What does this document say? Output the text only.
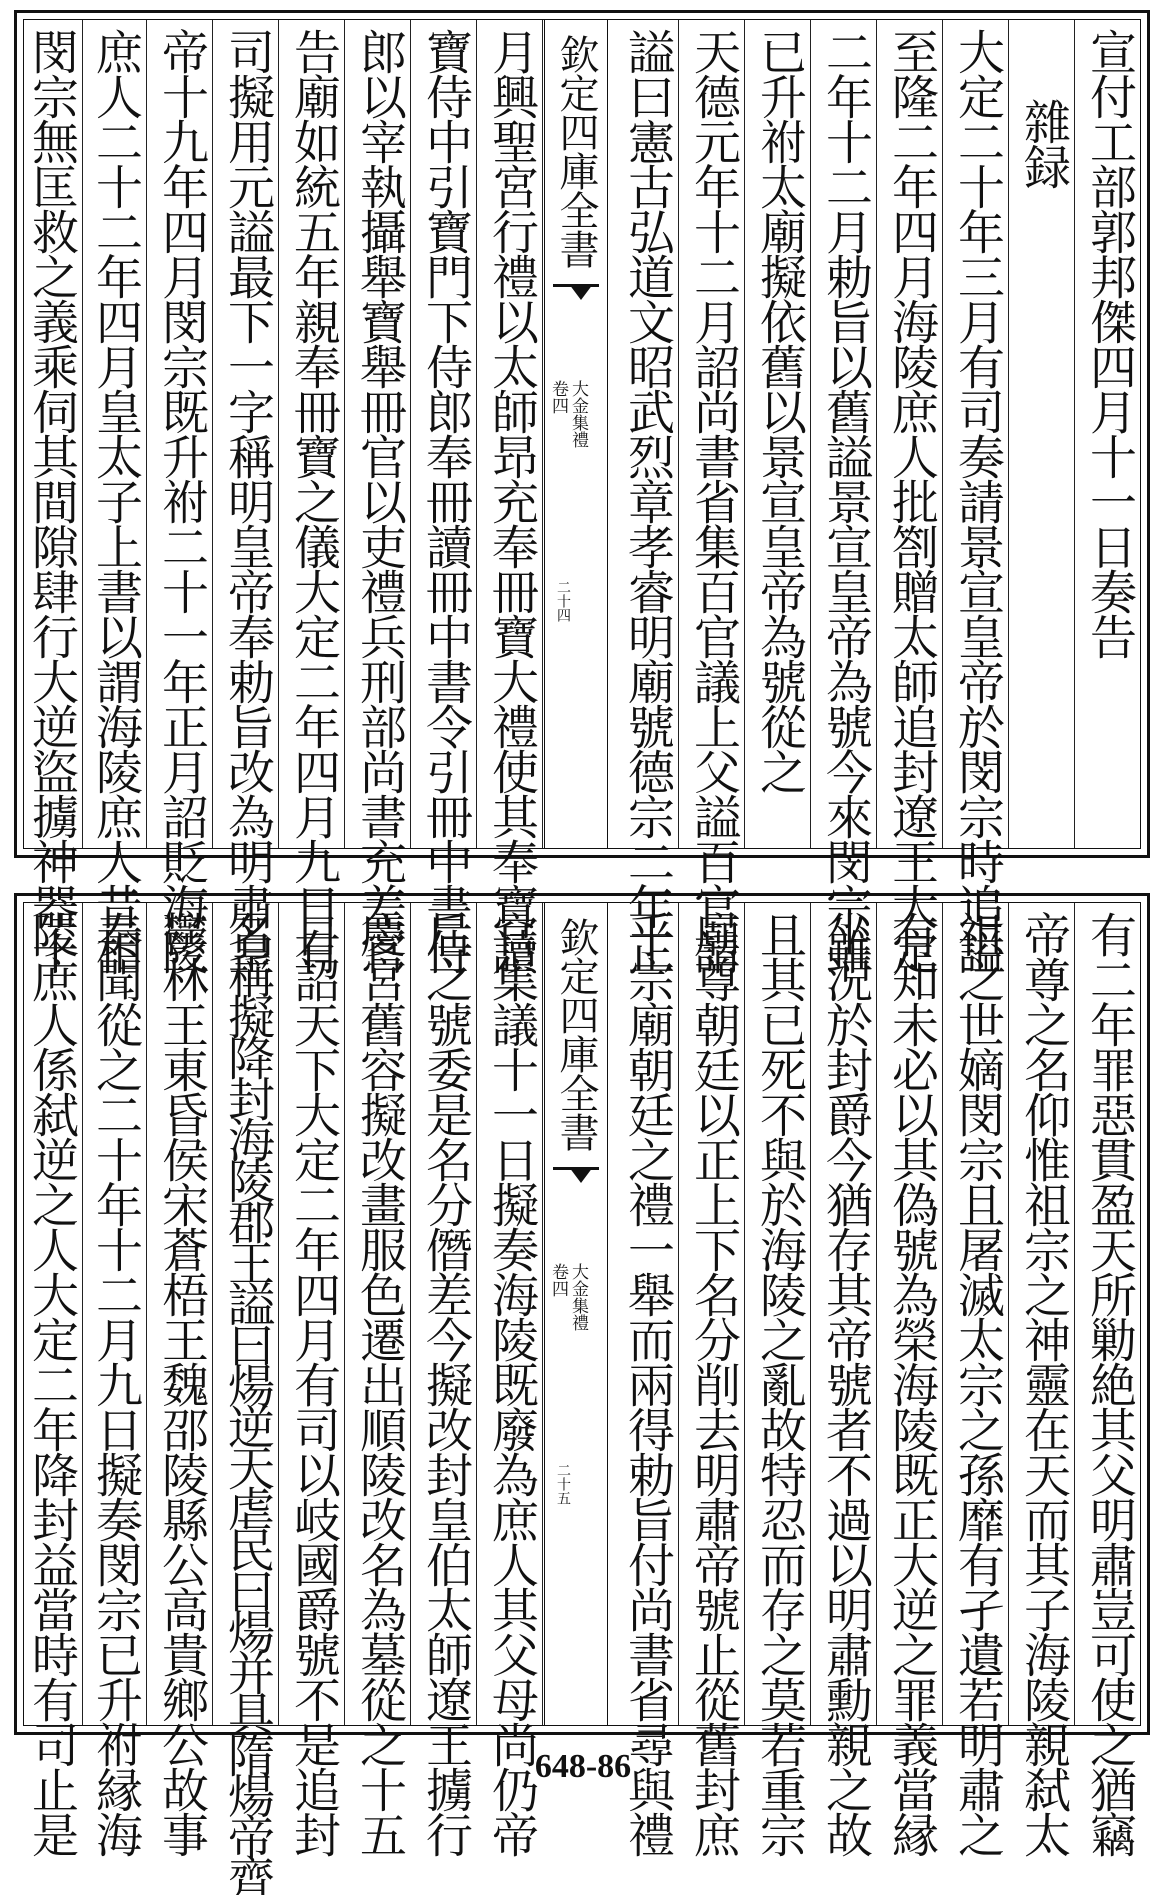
宣付工部郭邦傑四月十一日奏告
雜録
大定二十年三月有司奏請景宣皇帝於閔宗時追謚
至隆二年四月海陵庶人批劄贈太師追封遼王大定
二年十二月勅旨以舊謚景宣皇帝為號今來閔宗雖
已升祔太廟擬依舊以景宣皇帝為號從之
天德元年十二月詔尚書省集百官議上父謚百官請
謚曰憲古弘道文昭武烈章孝睿明廟號德宗二年正
欽定四庫全書
卷四 大金集禮
二十四
月興聖宮行禮以太師昻充奉冊寶大禮使其奉寶讀
寶侍中引寶門下侍郎奉冊讀冊中書令引冊中書侍
郎以宰執攝舉寶舉冊官以吏禮兵刑部尚書充差官
告廟如統五年親奉冊寶之儀大定二年四月九日有
司擬用元謚最下一字稱明皇帝奉勅旨改為明肅皇
帝十九年四月閔宗既升祔二十一年正月詔貶海陵
庶人二十二年四月皇太子上書以謂海陵庶人昔相
閔宗無匡救之義乘伺其間隙肆行大逆盜擄神器十
有二年罪惡貫盈天所勦絶其父明肅豈可使之猶竊
帝尊之名仰惟祖宗之神靈在天而其子海陵親弑太
祖之世嫡閔宗且屠滅太宗之孫靡有孑遺若明肅之
有知未必以其偽號為榮海陵既正大逆之罪義當縁
坐況於封爵今猶存其帝號者不過以明肅勳親之故
且其已死不與於海陵之亂故特忍而存之莫若重宗
廟尊朝廷以正上下名分削去明肅帝號止從舊封庶
乎宗廟朝廷之禮一舉而兩得勅旨付尚書省尋與禮
欽定四庫全書
卷四 大金集禮
二十五
官集議十一日擬奏海陵既廢為庶人其父母尚仍帝
后之號委是名分僭差今擬改封皇伯太師遼王擄行
慶宮舊容擬改畫服色遷出順陵改名為墓從之十五
日詔天下大定二年四月有司以岐國爵號不是追封
名稱擬降封海陵郡王謚曰煬逆天虐民曰煬并具隋煬帝齊
鬱林王東昏侯宋蒼梧王魏邵陵縣公高貴鄉公故事
奏聞從之二十年十二月九日擬奏閔宗已升祔縁海
陵庶人係弑逆之人大定二年降封益當時有司止是	648-86
